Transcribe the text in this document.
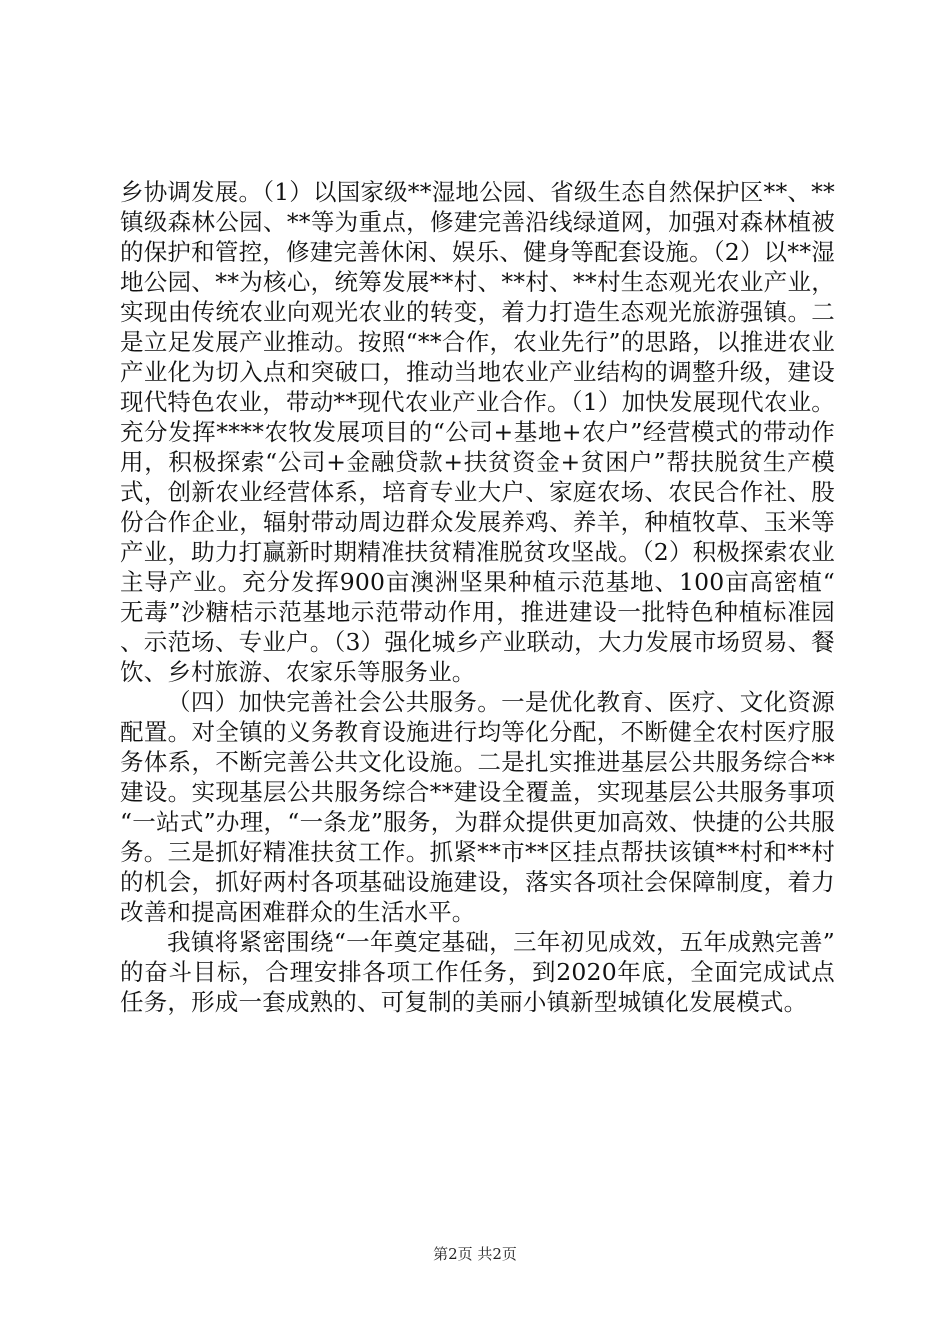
乡协调发展。（1）以国家级**湿地公园、省级生态自然保护区**、**镇级森林公园、**等为重点，修建完善沿线绿道网，加强对森林植被的保护和管控，修建完善休闲、娱乐、健身等配套设施。（2）以**湿地公园、**为核心，统筹发展**村、**村、**村生态观光农业产业，实现由传统农业向观光农业的转变，着力打造生态观光旅游强镇。二是立足发展产业推动。按照“**合作，农业先行”的思路，以推进农业产业化为切入点和突破口，推动当地农业产业结构的调整升级，建设现代特色农业，带动**现代农业产业合作。（1）加快发展现代农业。充分发挥****农牧发展项目的“公司+基地+农户”经营模式的带动作用，积极探索“公司+金融贷款+扶贫资金+贫困户”帮扶脱贫生产模式，创新农业经营体系，培育专业大户、家庭农场、农民合作社、股份合作企业，辐射带动周边群众发展养鸡、养羊，种植牧草、玉米等产业，助力打赢新时期精准扶贫精准脱贫攻坚战。（2）积极探索农业主导产业。充分发挥900亩澳洲坚果种植示范基地、100亩高密植“无毒”沙糖桔示范基地示范带动作用，推进建设一批特色种植标准园、示范场、专业户。（3）强化城乡产业联动，大力发展市场贸易、餐饮、乡村旅游、农家乐等服务业。

（四）加快完善社会公共服务。一是优化教育、医疗、文化资源配置。对全镇的义务教育设施进行均等化分配，不断健全农村医疗服务体系，不断完善公共文化设施。二是扎实推进基层公共服务综合**建设。实现基层公共服务综合**建设全覆盖，实现基层公共服务事项“一站式”办理，“一条龙”服务，为群众提供更加高效、快捷的公共服务。三是抓好精准扶贫工作。抓紧**市**区挂点帮扶该镇**村和**村的机会，抓好两村各项基础设施建设，落实各项社会保障制度，着力改善和提高困难群众的生活水平。

我镇将紧密围绕“一年奠定基础，三年初见成效，五年成熟完善”的奋斗目标，合理安排各项工作任务，到2020年底，全面完成试点任务，形成一套成熟的、可复制的美丽小镇新型城镇化发展模式。

第2页 共2页
